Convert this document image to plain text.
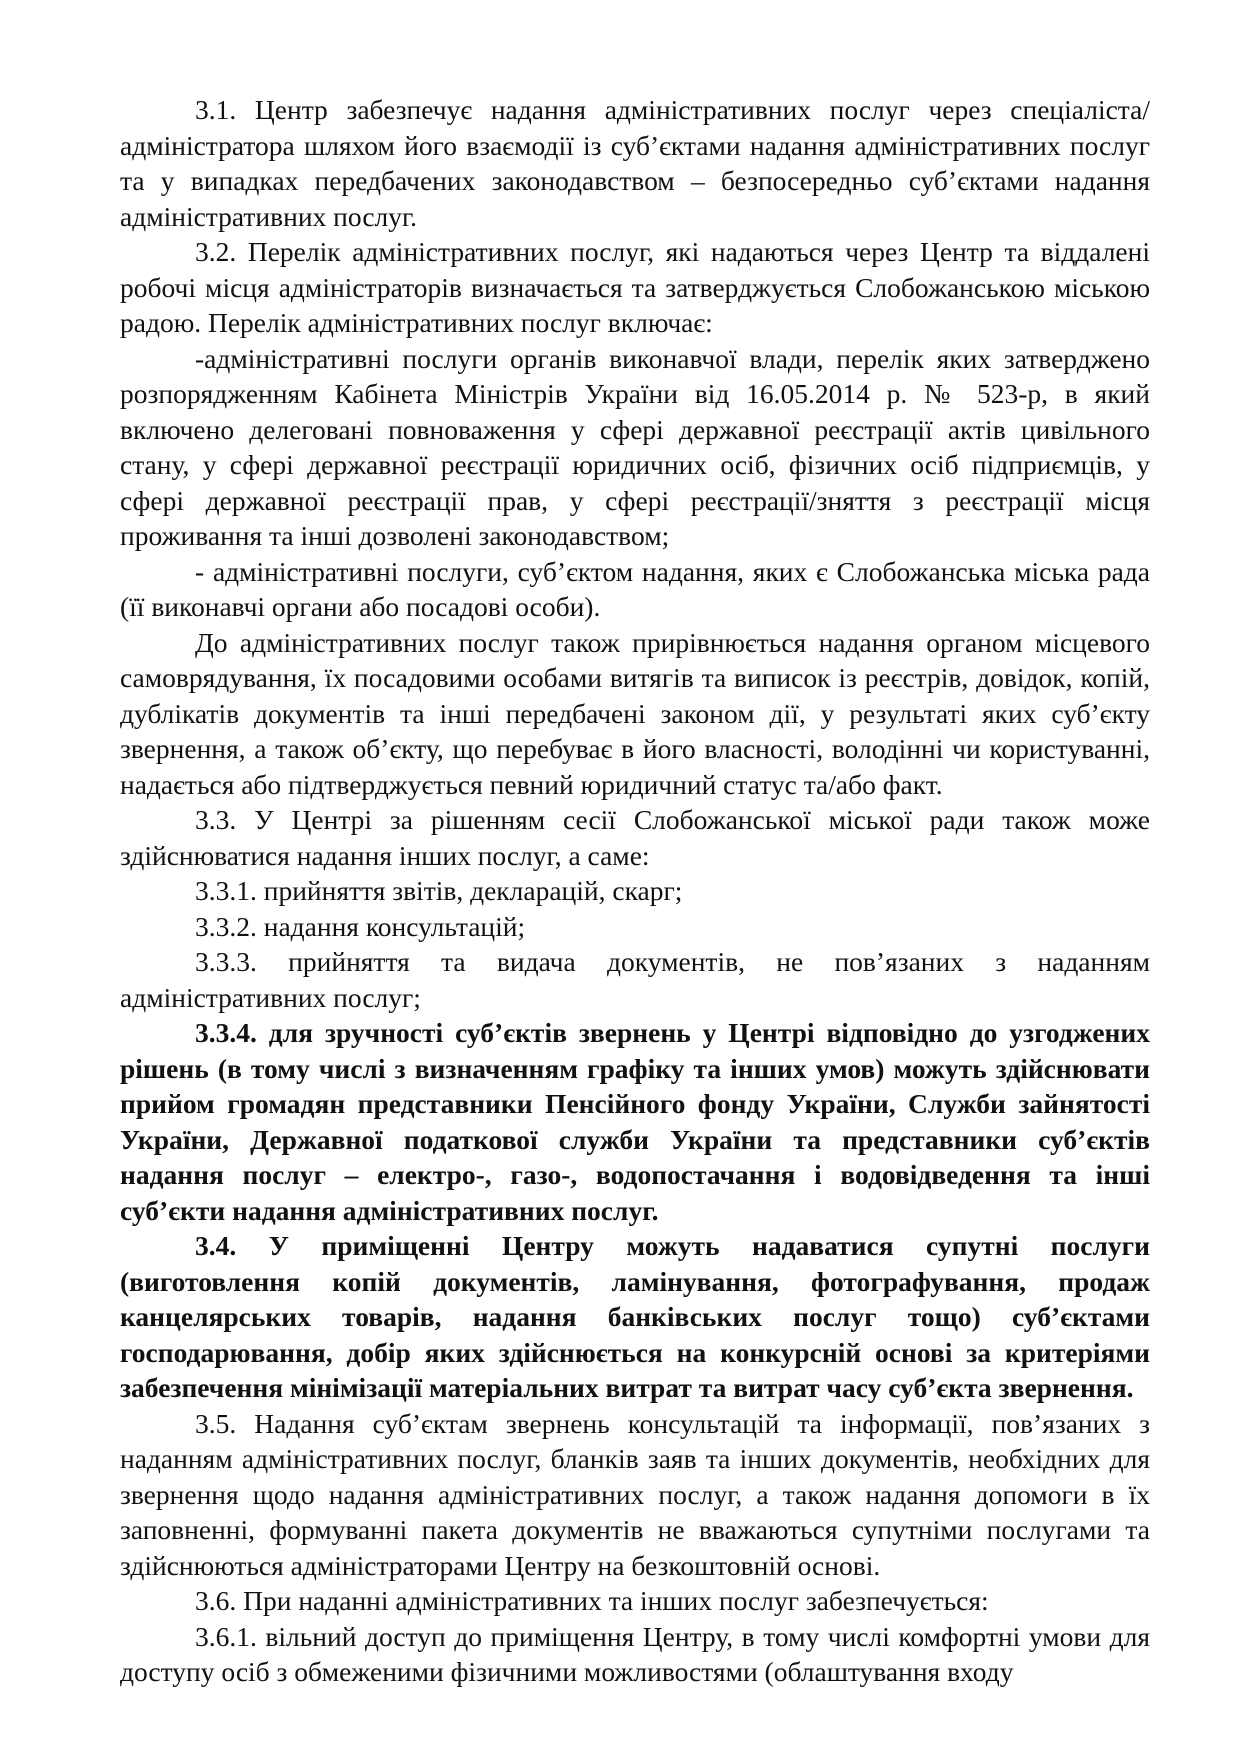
3.1. Центр забезпечує надання адміністративних послуг через спеціаліста/адміністратора шляхом його взаємодії із суб’єктами надання адміністративних послуг та у випадках передбачених законодавством – безпосередньо суб’єктами надання адміністративних послуг.

3.2. Перелік адміністративних послуг, які надаються через Центр та віддалені робочі місця адміністраторів визначається та затверджується Слобожанською міською радою. Перелік адміністративних послуг включає:

-адміністративні послуги органів виконавчої влади, перелік яких затверджено розпорядженням Кабінета Міністрів України від 16.05.2014 р. № 523-р, в який включено делеговані повноваження у сфері державної реєстрації актів цивільного стану, у сфері державної реєстрації юридичних осіб, фізичних осіб підприємців, у сфері державної реєстрації прав, у сфері реєстрації/зняття з реєстрації місця проживання та інші дозволені законодавством;

- адміністративні послуги, суб’єктом надання, яких є Слобожанська міська рада (її виконавчі органи або посадові особи).

До адміністративних послуг також прирівнюється надання органом місцевого самоврядування, їх посадовими особами витягів та виписок із реєстрів, довідок, копій, дублікатів документів та інші передбачені законом дії, у результаті яких суб’єкту звернення, а також об’єкту, що перебуває в його власності, володінні чи користуванні, надається або підтверджується певний юридичний статус та/або факт.

3.3. У Центрі за рішенням сесії Слобожанської міської ради також може здійснюватися надання інших послуг, а саме:

3.3.1. прийняття звітів, декларацій, скарг;

3.3.2. надання консультацій;

3.3.3. прийняття та видача документів, не пов’язаних з наданням адміністративних послуг;

3.3.4. для зручності суб’єктів звернень у Центрі відповідно до узгоджених рішень (в тому числі з визначенням графіку та інших умов) можуть здійснювати прийом громадян представники Пенсійного фонду України, Служби зайнятості України, Державної податкової служби України та представники суб’єктів надання послуг – електро-, газо-, водопостачання і водовідведення та інші суб’єкти надання адміністративних послуг.

3.4. У приміщенні Центру можуть надаватися супутні послуги (виготовлення копій документів, ламінування, фотографування, продаж канцелярських товарів, надання банківських послуг тощо) суб’єктами господарювання, добір яких здійснюється на конкурсній основі за критеріями забезпечення мінімізації матеріальних витрат та витрат часу суб’єкта звернення.

3.5. Надання суб’єктам звернень консультацій та інформації, пов’язаних з наданням адміністративних послуг, бланків заяв та інших документів, необхідних для звернення щодо надання адміністративних послуг, а також надання допомоги в їх заповненні, формуванні пакета документів не вважаються супутніми послугами та здійснюються адміністраторами Центру на безкоштовній основі.

3.6. При наданні адміністративних та інших послуг забезпечується:

3.6.1. вільний доступ до приміщення Центру, в тому числі комфортні умови для доступу осіб з обмеженими фізичними можливостями (облаштування входу
